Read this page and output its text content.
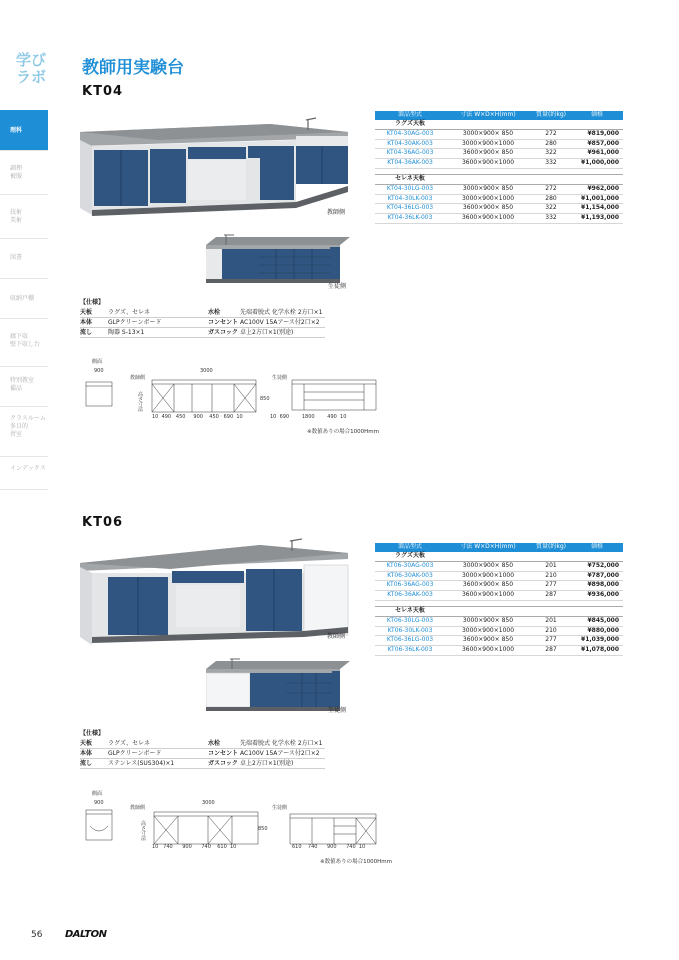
学び
ラボ
理科
調理
被服
技術
美術
図書
収納戸棚
廊下収
壁下収し台
特別教室
備品
クラスルーム
多目的
習室
インデックス
教師用実験台
KT04
教師側
生徒側
製品型式	寸法 W×D×H(mm)	質量(約kg)	価格
ラグズ天板			
KT04-30AG-003	3000×900× 850	272	¥819,000
KT04-30AK-003	3000×900×1000	280	¥857,000
KT04-36AG-003	3600×900× 850	322	¥961,000
KT04-36AK-003	3600×900×1000	332	¥1,000,000

セレネ天板			
KT04-30LG-003	3000×900× 850	272	¥962,000
KT04-30LK-003	3000×900×1000	280	¥1,001,000
KT04-36LG-003	3600×900× 850	322	¥1,154,000
KT04-36LK-003	3600×900×1000	332	¥1,193,000
【仕様】
天板	ラグズ、セレネ	水栓	先端着脱式 化学水栓 2方口×1
本体	GLPクリーンボード	コンセント	AC100V 15Aアース付2口×2
流し	陶器 S-13×1	ガスコック	卓上2方口×1(別途)
側面
教師側	生徒側
3000
900
高さ寸法
850
10 490 450 900 450 690 10	10 690	1800	490 10
※数値ありの場合1000Hmm
KT06
教師側
生徒側
製品型式	寸法 W×D×H(mm)	質量(約kg)	価格
ラグズ天板			
KT06-30AG-003	3000×900× 850	201	¥752,000
KT06-30AK-003	3000×900×1000	210	¥787,000
KT06-36AG-003	3600×900× 850	277	¥898,000
KT06-36AK-003	3600×900×1000	287	¥936,000

セレネ天板			
KT06-30LG-003	3000×900× 850	201	¥845,000
KT06-30LK-003	3000×900×1000	210	¥880,000
KT06-36LG-003	3600×900× 850	277	¥1,039,000
KT06-36LK-003	3600×900×1000	287	¥1,078,000
【仕様】
天板	ラグズ、セレネ	水栓	先端着脱式 化学水栓 2方口×1
本体	GLPクリーンボード	コンセント	AC100V 15Aアース付2口×2
流し	ステンレス(SUS304)×1	ガスコック	卓上2方口×1(別途)
側面
教師側	生徒側
3000
900
高さ寸法
850
10 740 900 740 610 10	610 740 900 740 10
※数値ありの場合1000Hmm
56 DALTON
